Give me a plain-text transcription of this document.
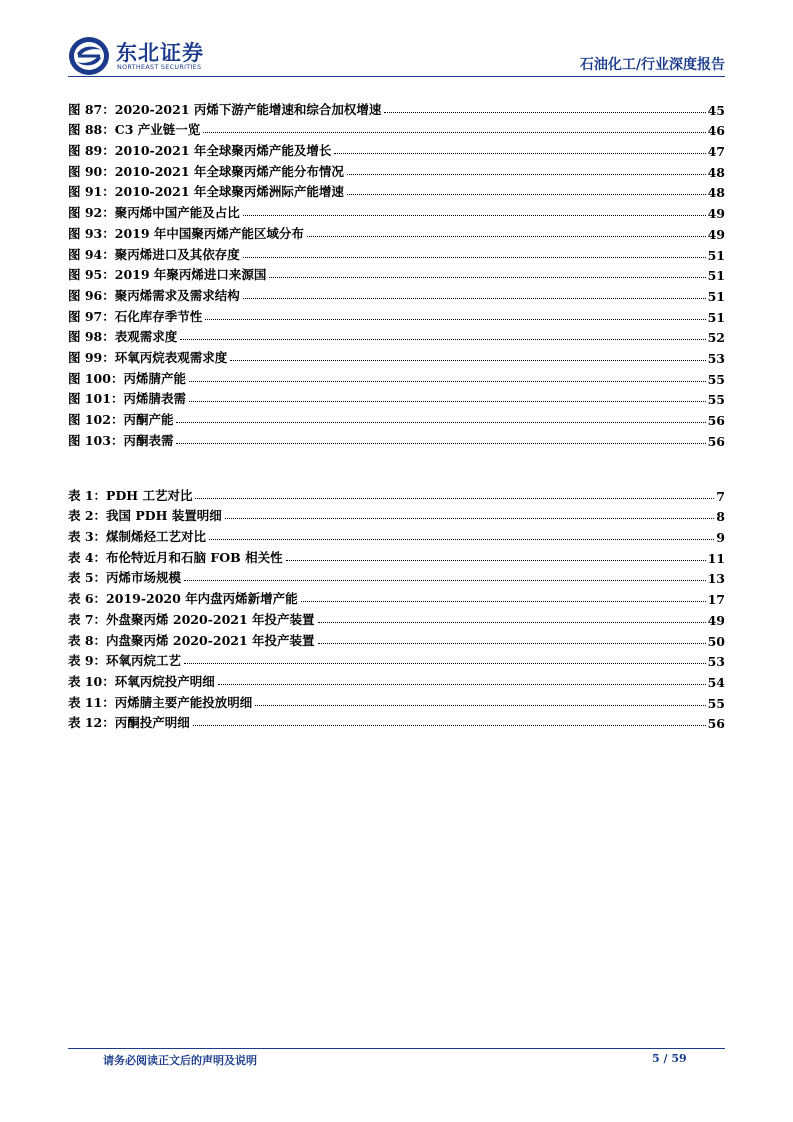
东北证券
NORTHEAST SECURITIES	石油化工/行业深度报告
图 87：2020-2021 丙烯下游产能增速和综合加权增速	45
图 88：C3 产业链一览	46
图 89：2010-2021 年全球聚丙烯产能及增长	47
图 90：2010-2021 年全球聚丙烯产能分布情况	48
图 91：2010-2021 年全球聚丙烯洲际产能增速	48
图 92：聚丙烯中国产能及占比	49
图 93：2019 年中国聚丙烯产能区域分布	49
图 94：聚丙烯进口及其依存度	51
图 95：2019 年聚丙烯进口来源国	51
图 96：聚丙烯需求及需求结构	51
图 97：石化库存季节性	51
图 98：表观需求度	52
图 99：环氧丙烷表观需求度	53
图 100：丙烯腈产能	55
图 101：丙烯腈表需	55
图 102：丙酮产能	56
图 103：丙酮表需	56
表 1：PDH 工艺对比	7
表 2：我国 PDH 装置明细	8
表 3：煤制烯烃工艺对比	9
表 4：布伦特近月和石脑 FOB 相关性	11
表 5：丙烯市场规模	13
表 6：2019-2020 年内盘丙烯新增产能	17
表 7：外盘聚丙烯 2020-2021 年投产装置	49
表 8：内盘聚丙烯 2020-2021 年投产装置	50
表 9：环氧丙烷工艺	53
表 10：环氧丙烷投产明细	54
表 11：丙烯腈主要产能投放明细	55
表 12：丙酮投产明细	56
请务必阅读正文后的声明及说明	5 / 59
